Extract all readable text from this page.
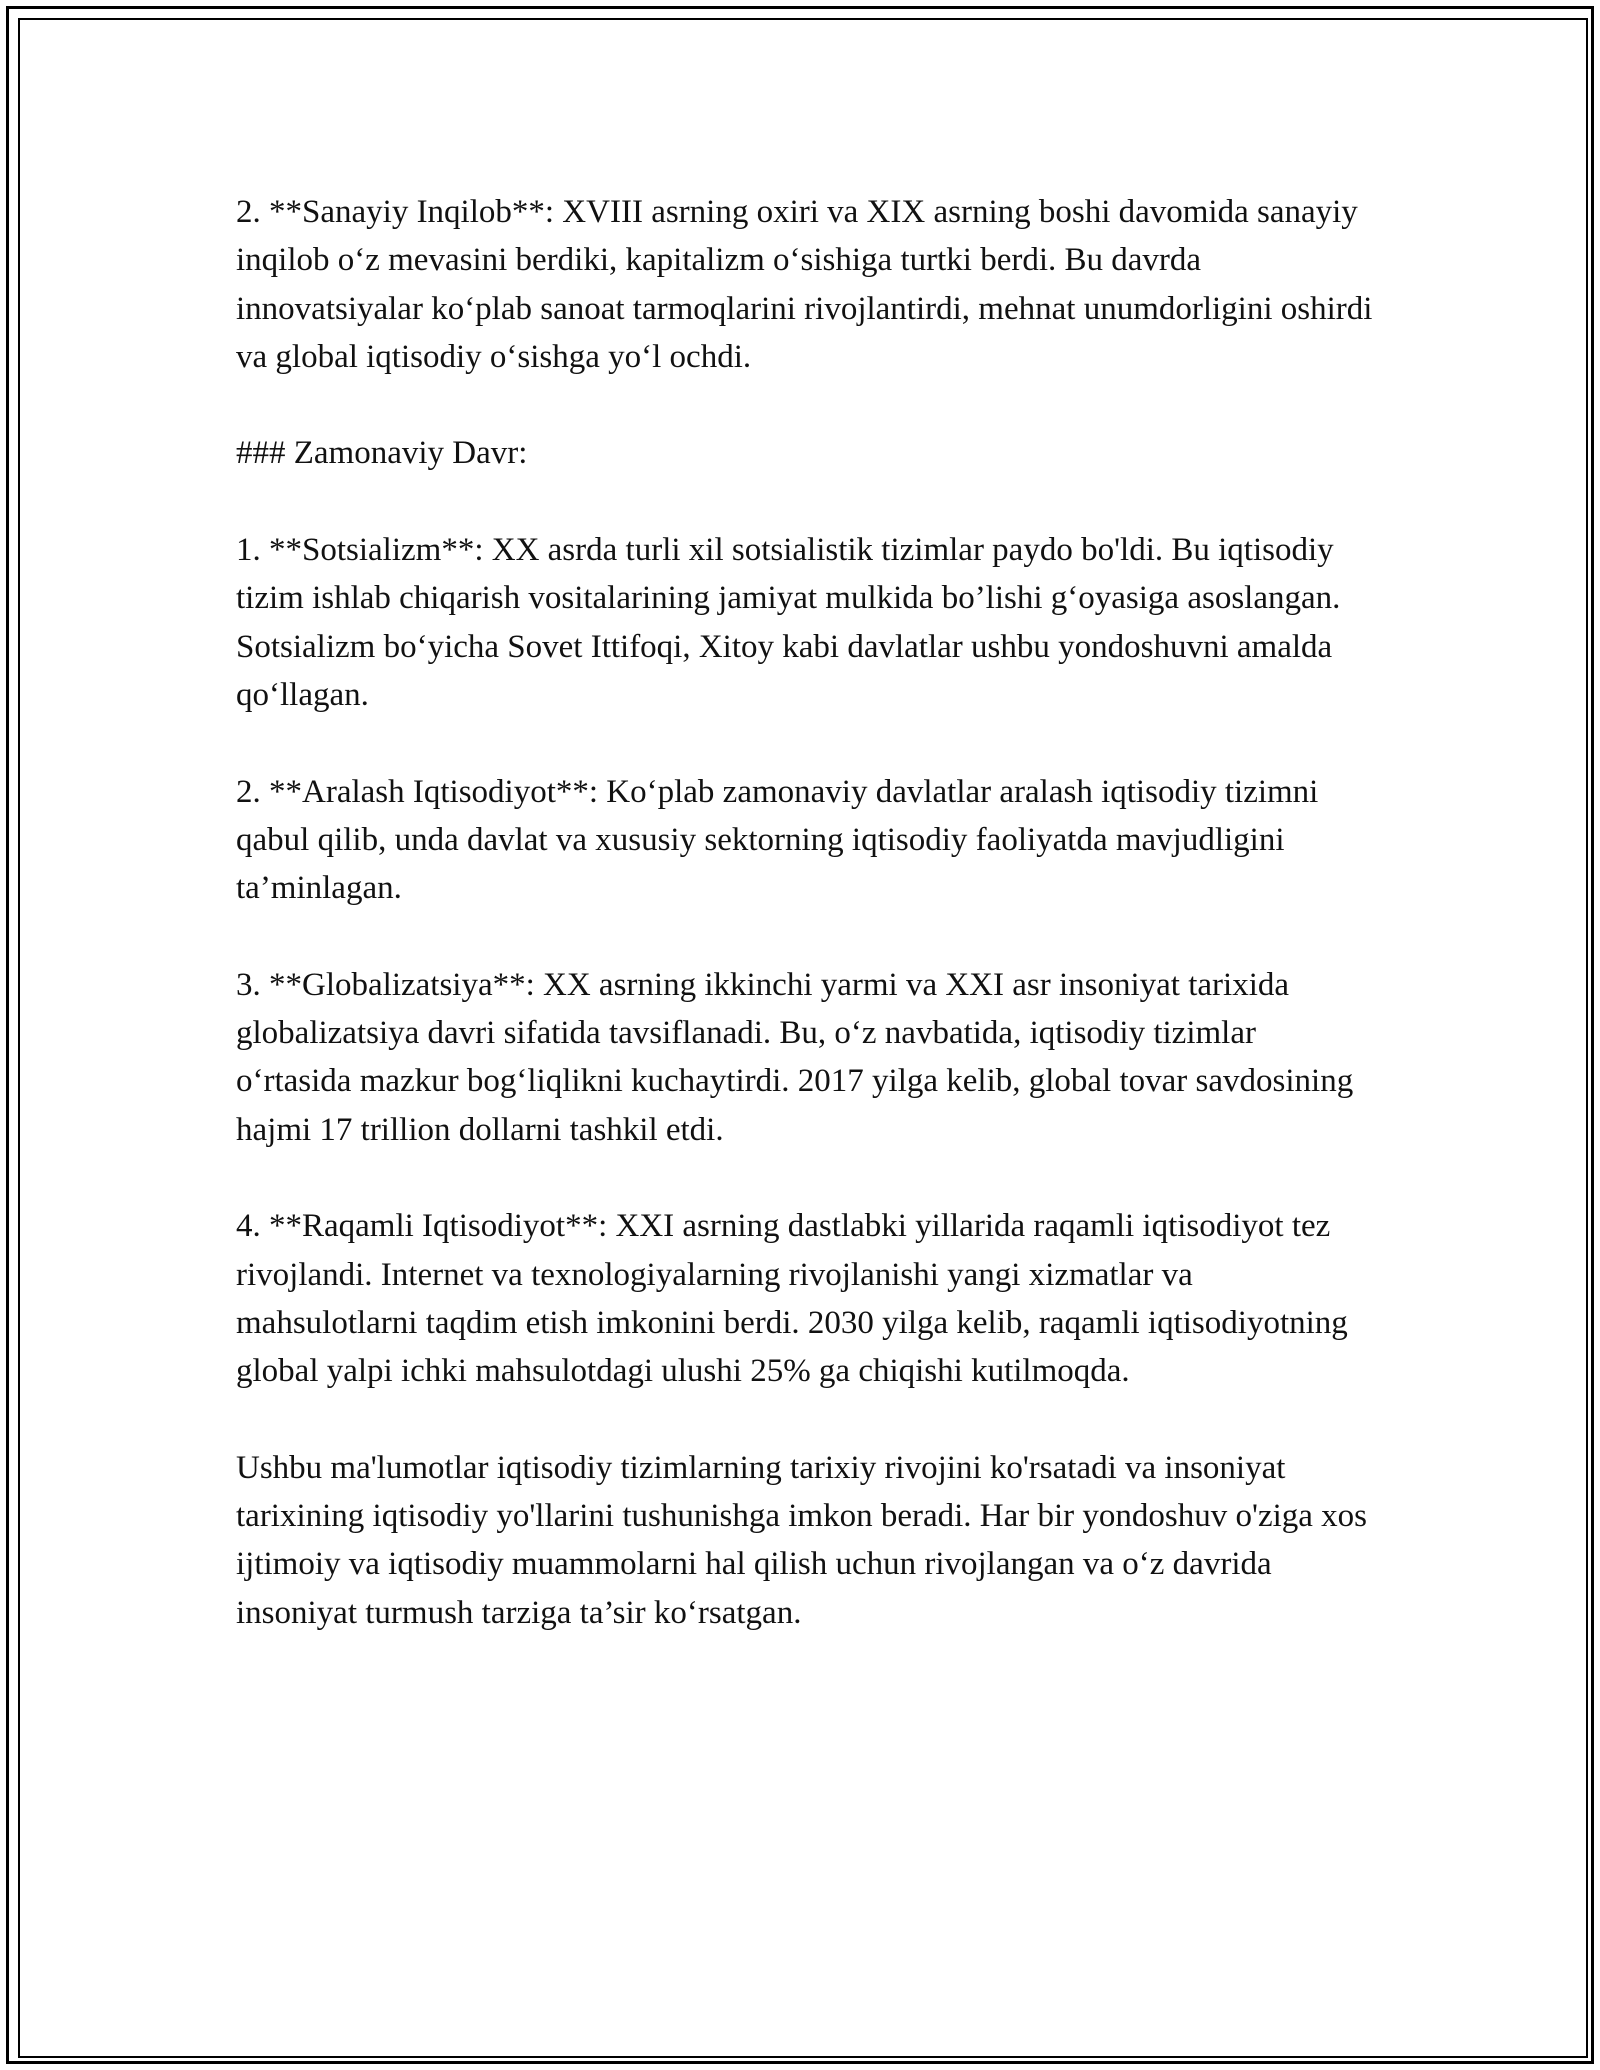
2. **Sanayiy Inqilob**: XVIII asrning oxiri va XIX asrning boshi davomida sanayiy inqilob o‘z mevasini berdiki, kapitalizm o‘sishiga turtki berdi. Bu davrda innovatsiyalar ko‘plab sanoat tarmoqlarini rivojlantirdi, mehnat unumdorligini oshirdi va global iqtisodiy o‘sishga yo‘l ochdi.

### Zamonaviy Davr:

1. **Sotsializm**: XX asrda turli xil sotsialistik tizimlar paydo bo'ldi. Bu iqtisodiy tizim ishlab chiqarish vositalarining jamiyat mulkida bo’lishi g‘oyasiga asoslangan. Sotsializm bo‘yicha Sovet Ittifoqi, Xitoy kabi davlatlar ushbu yondoshuvni amalda qo‘llagan.

2. **Aralash Iqtisodiyot**: Ko‘plab zamonaviy davlatlar aralash iqtisodiy tizimni qabul qilib, unda davlat va xususiy sektorning iqtisodiy faoliyatda mavjudligini ta’minlagan.

3. **Globalizatsiya**: XX asrning ikkinchi yarmi va XXI asr insoniyat tarixida globalizatsiya davri sifatida tavsiflanadi. Bu, o‘z navbatida, iqtisodiy tizimlar o‘rtasida mazkur bog‘liqlikni kuchaytirdi. 2017 yilga kelib, global tovar savdosining hajmi 17 trillion dollarni tashkil etdi.

4. **Raqamli Iqtisodiyot**: XXI asrning dastlabki yillarida raqamli iqtisodiyot tez rivojlandi. Internet va texnologiyalarning rivojlanishi yangi xizmatlar va mahsulotlarni taqdim etish imkonini berdi. 2030 yilga kelib, raqamli iqtisodiyotning global yalpi ichki mahsulotdagi ulushi 25% ga chiqishi kutilmoqda.

Ushbu ma'lumotlar iqtisodiy tizimlarning tarixiy rivojini ko'rsatadi va insoniyat tarixining iqtisodiy yo'llarini tushunishga imkon beradi. Har bir yondoshuv o'ziga xos ijtimoiy va iqtisodiy muammolarni hal qilish uchun rivojlangan va o‘z davrida insoniyat turmush tarziga ta’sir ko‘rsatgan.
